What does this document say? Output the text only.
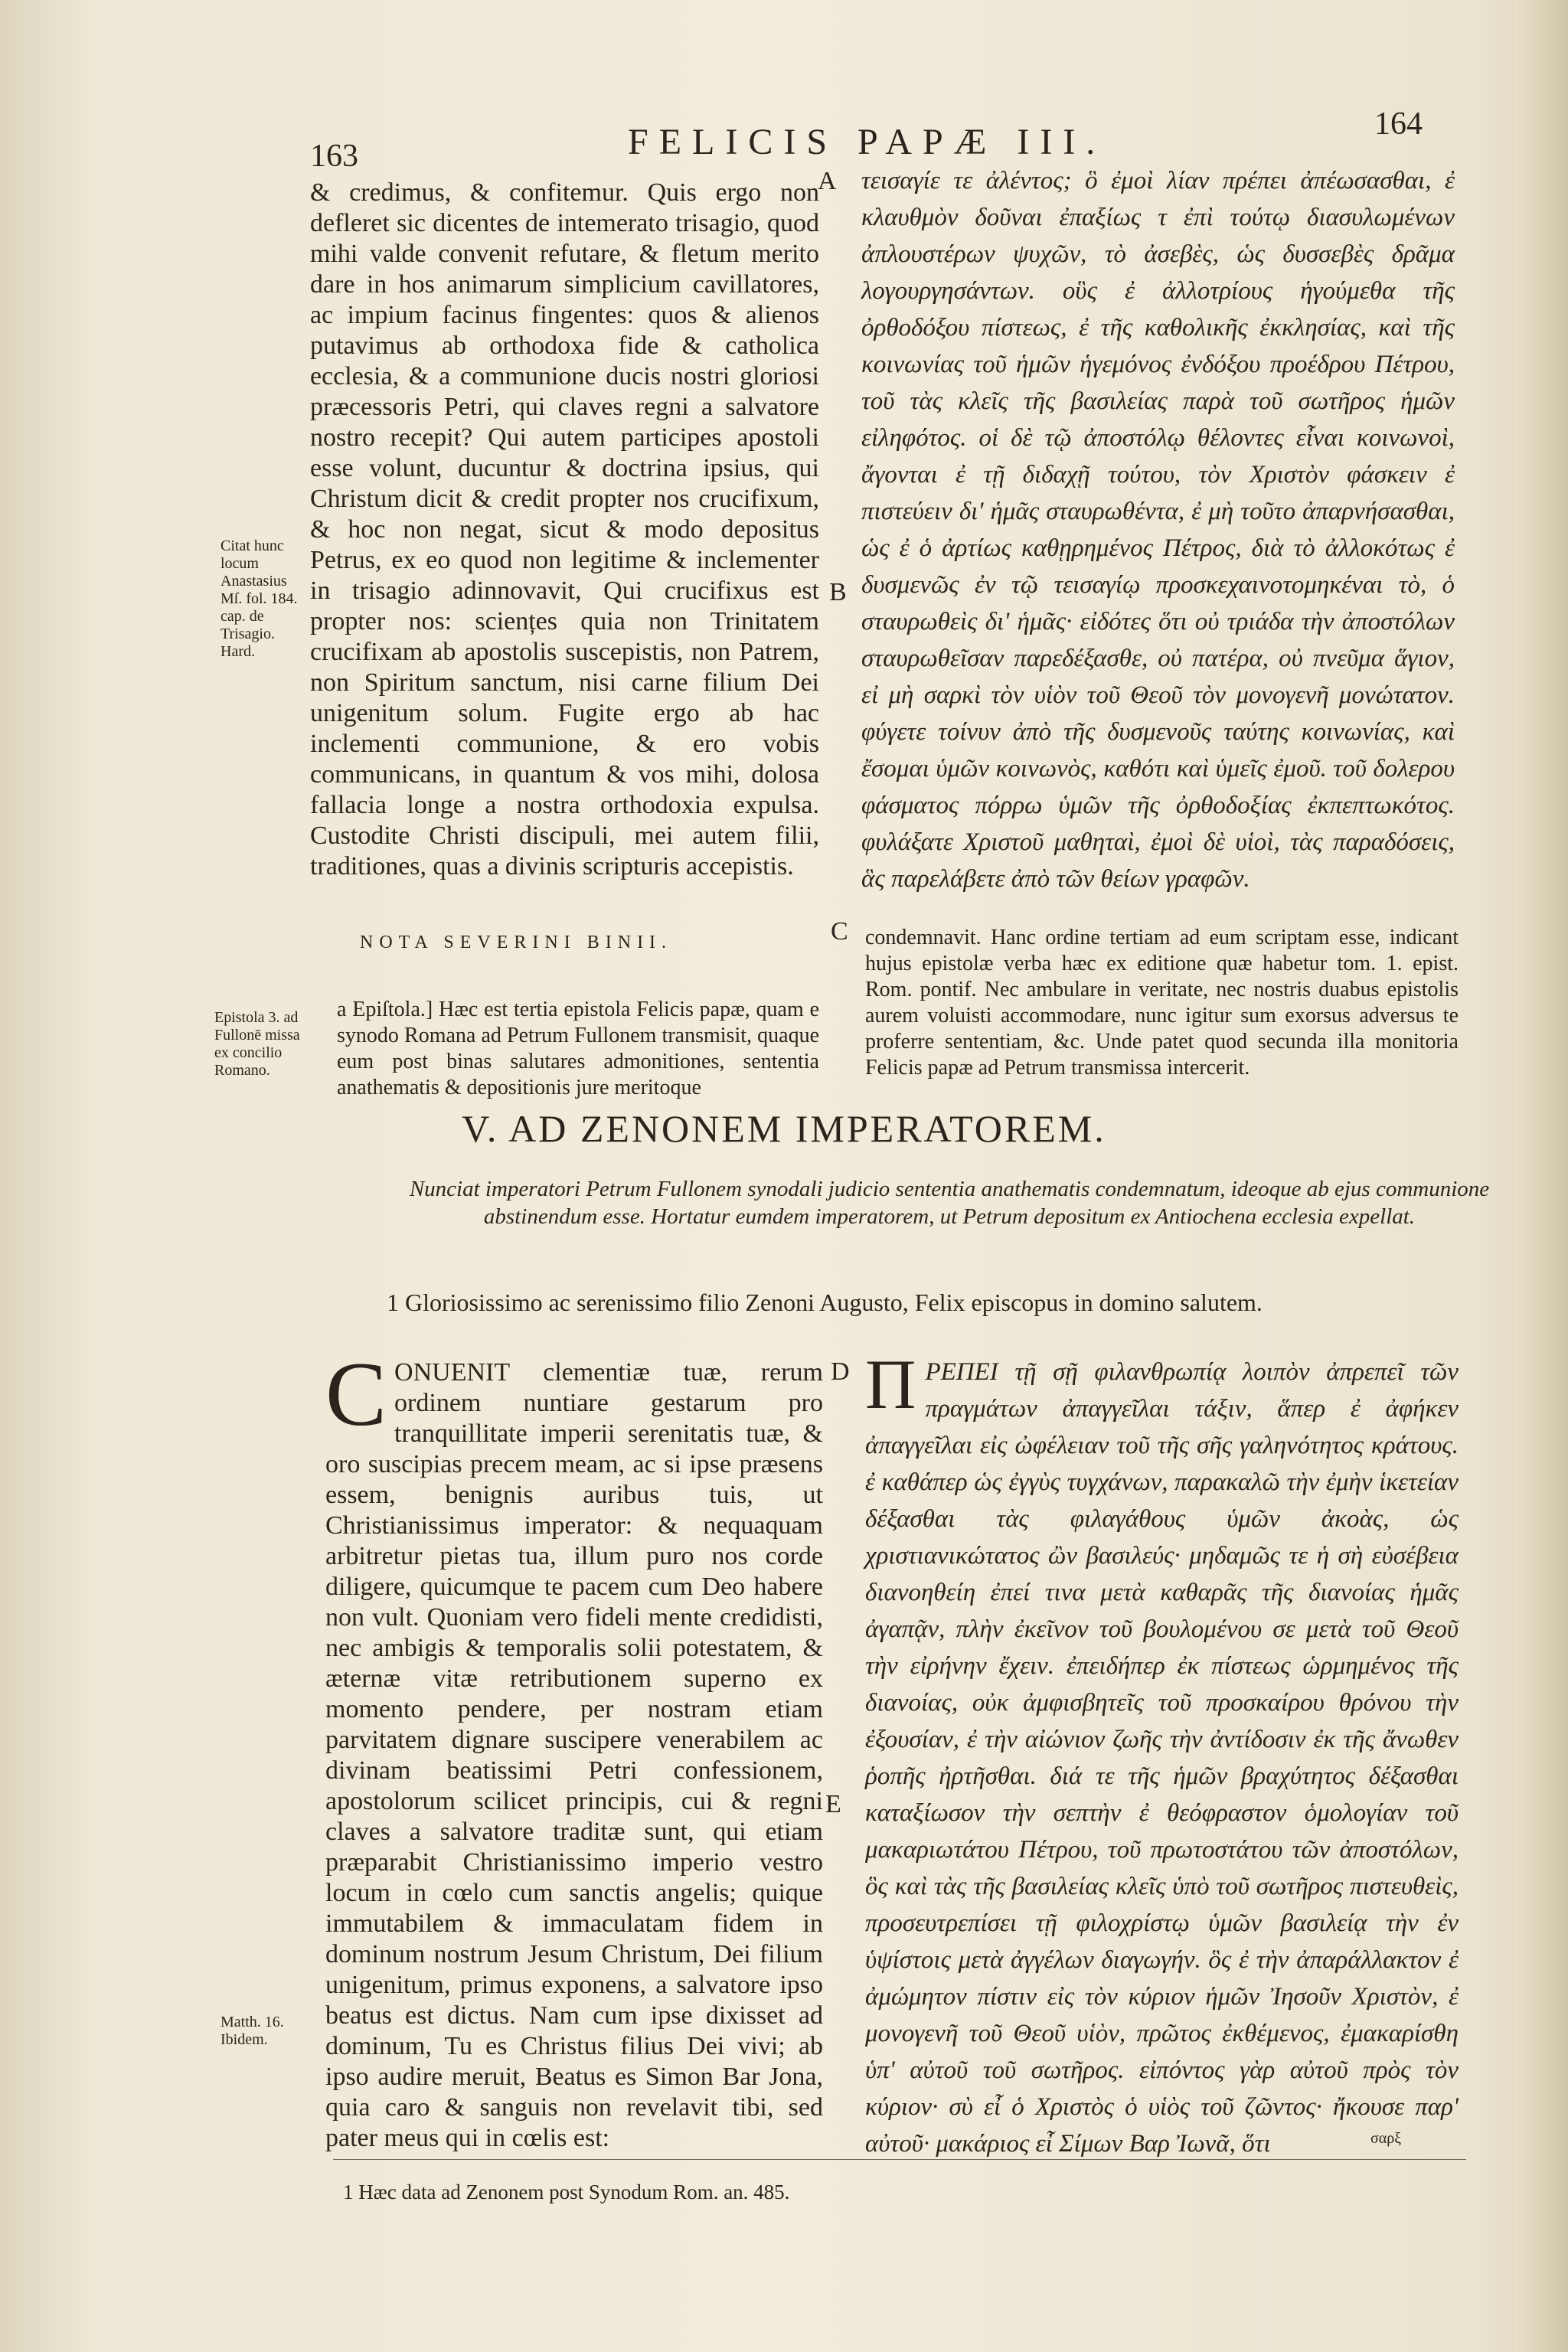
163	FELICIS PAPÆ III.	164

& credimus, & confitemur. Quis ergo non defleret sic dicentes de intemerato trisagio, quod mihi valde convenit refutare, & fletum merito dare in hos animarum simplicium cavillatores, ac impium facinus fingentes: quos & alienos putavimus ab orthodoxa fide & catholica ecclesia, & a communione ducis nostri gloriosi præcessoris Petri, qui claves regni a salvatore nostro recepit? Qui autem participes apostoli esse volunt, ducuntur & doctrina ipsius, qui Christum dicit & credit propter nos crucifixum, & hoc non negat, sicut & modo depositus Petrus, ex eo quod non legitime & inclementer in trisagio adinnovavit, Qui crucifixus est propter nos: sciențes quia non Trinitatem crucifixam ab apostolis suscepistis, non Patrem, non Spiritum sanctum, nisi carne filium Dei unigenitum solum. Fugite ergo ab hac inclementi communione, & ero vobis communicans, in quantum & vos mihi, dolosa fallacia longe a nostra orthodoxia expulsa. Custodite Christi discipuli, mei autem filii, traditiones, quas a divinis scripturis accepistis.

τεισαγίε τε ἀλέντος; ὃ ἐμοὶ λίαν πρέπει ἀπέωσασθαι, ἐ κλαυθμὸν δοῦναι ἐπαξίως τ ἐπὶ τούτῳ διασυλωμένων ἀπλουστέρων ψυχῶν, τὸ ἀσεβὲς, ὡς δυσσεβὲς δρᾶμα λογουργησάντων. οὓς ἐ ἀλλοτρίους ἡγούμεθα τῆς ὀρθοδόξου πίστεως, ἐ τῆς καθολικῆς ἐκκλησίας, καὶ τῆς κοινωνίας τοῦ ἡμῶν ἡγεμόνος ἐνδόξου προέδρου Πέτρου, τοῦ τὰς κλεῖς τῆς βασιλείας παρὰ τοῦ σωτῆρος ἡμῶν εἰληφότος. οἱ δὲ τῷ ἀποστόλῳ θέλοντες εἶναι κοινωνοὶ, ἄγονται ἐ τῇ διδαχῇ τούτου, τὸν Χριστὸν φάσκειν ἐ πιστεύειν δι' ἡμᾶς σταυρωθέντα, ἐ μὴ τοῦτο ἀπαρνήσασθαι, ὡς ἐ ὁ ἀρτίως καθῃρημένος Πέτρος, διὰ τὸ ἀλλοκότως ἐ δυσμενῶς ἐν τῷ τεισαγίῳ προσκεχαινοτομηκέναι τὸ, ὁ σταυρωθεὶς δι' ἡμᾶς· εἰδότες ὅτι οὐ τριάδα τὴν ἀποστόλων σταυρωθεῖσαν παρεδέξασθε, οὐ πατέρα, οὐ πνεῦμα ἅγιον, εἰ μὴ σαρκὶ τὸν υἱὸν τοῦ Θεοῦ τὸν μονογενῆ μονώτατον. φύγετε τοίνυν ἀπὸ τῆς δυσμενοῦς ταύτης κοινωνίας, καὶ ἔσομαι ὑμῶν κοινωνὸς, καθότι καὶ ὑμεῖς ἐμοῦ. τοῦ δολερου φάσματος πόρρω ὑμῶν τῆς ὀρθοδοξίας ἐκπεπτωκότος. φυλάξατε Χριστοῦ μαθηταὶ, ἐμοὶ δὲ υἱοὶ, τὰς παραδόσεις, ἃς παρελάβετε ἀπὸ τῶν θείων γραφῶν.

A
B
C
D
E
Citat hunc locum Anastasius Mſ. fol. 184. cap. de Trisagio. Hard.
NOTA SEVERINI BINII.

a Epiſtola.] Hæc est tertia epistola Felicis papæ, quam e synodo Romana ad Petrum Fullonem transmisit, quaque eum post binas salutares admonitiones, sententia anathematis & depositionis jure meritoque

condemnavit. Hanc ordine tertiam ad eum scriptam esse, indicant hujus epistolæ verba hæc ex editione quæ habetur tom. 1. epist. Rom. pontif. Nec ambulare in veritate, nec nostris duabus epistolis aurem voluisti accommodare, nunc igitur sum exorsus adversus te proferre sententiam, &c. Unde patet quod secunda illa monitoria Felicis papæ ad Petrum transmissa intercerit.

Epistola 3. ad Fullonē missa ex concilio Romano.
V. AD ZENONEM IMPERATOREM.
Nunciat imperatori Petrum Fullonem synodali judicio sententia anathematis condemnatum, ideoque ab ejus communione abstinendum esse. Hortatur eumdem imperatorem, ut Petrum depositum ex Antiochena ecclesia expellat.
1 Gloriosissimo ac serenissimo filio Zenoni Augusto, Felix episcopus in domino salutem.

CONUENIT clementiæ tuæ, rerum ordinem nuntiare gestarum pro tranquillitate imperii serenitatis tuæ, & oro suscipias precem meam, ac si ipse præsens essem, benignis auribus tuis, ut Christianissimus imperator: & nequaquam arbitretur pietas tua, illum puro nos corde diligere, quicumque te pacem cum Deo habere non vult. Quoniam vero fideli mente credidisti, nec ambigis & temporalis solii potestatem, & æternæ vitæ retributionem superno ex momento pendere, per nostram etiam parvitatem dignare suscipere venerabilem ac divinam beatissimi Petri confessionem, apostolorum scilicet principis, cui & regni claves a salvatore traditæ sunt, qui etiam præparabit Christianissimo imperio vestro locum in cœlo cum sanctis angelis; quique immutabilem & immaculatam fidem in dominum nostrum Jesum Christum, Dei filium unigenitum, primus exponens, a salvatore ipso beatus est dictus. Nam cum ipse dixisset ad dominum, Tu es Christus filius Dei vivi; ab ipso audire meruit, Beatus es Simon Bar Jona, quia caro & sanguis non revelavit tibi, sed pater meus qui in cœlis est:

ΠΡΕΠΕΙ τῇ σῇ φιλανθρωπίᾳ λοιπὸν ἀπρεπεῖ τῶν πραγμάτων ἀπαγγεῖλαι τάξιν, ἅπερ ἐ ἀφήκεν ἀπαγγεῖλαι εἰς ὠφέλειαν τοῦ τῆς σῆς γαληνότητος κράτους. ἐ καθάπερ ὡς ἐγγὺς τυγχάνων, παρακαλῶ τὴν ἐμὴν ἱκετείαν δέξασθαι τὰς φιλαγάθους ὑμῶν ἀκοὰς, ὡς χριστιανικώτατος ὢν βασιλεύς· μηδαμῶς τε ἡ σὴ εὐσέβεια διανοηθείη ἐπεί τινα μετὰ καθαρᾶς τῆς διανοίας ἡμᾶς ἀγαπᾷν, πλὴν ἐκεῖνον τοῦ βουλομένου σε μετὰ τοῦ Θεοῦ τὴν εἰρήνην ἔχειν. ἐπειδήπερ ἐκ πίστεως ὡρμημένος τῆς διανοίας, οὐκ ἀμφισβητεῖς τοῦ προσκαίρου θρόνου τὴν ἐξουσίαν, ἐ τὴν αἰώνιον ζωῆς τὴν ἀντίδοσιν ἐκ τῆς ἄνωθεν ῥοπῆς ἠρτῆσθαι. διά τε τῆς ἡμῶν βραχύτητος δέξασθαι καταξίωσον τὴν σεπτὴν ἐ θεόφραστον ὁμολογίαν τοῦ μακαριωτάτου Πέτρου, τοῦ πρωτοστάτου τῶν ἀποστόλων, ὃς καὶ τὰς τῆς βασιλείας κλεῖς ὑπὸ τοῦ σωτῆρος πιστευθεὶς, προσευτρεπίσει τῇ φιλοχρίστῳ ὑμῶν βασιλείᾳ τὴν ἐν ὑψίστοις μετὰ ἀγγέλων διαγωγήν. ὃς ἐ τὴν ἀπαράλλακτον ἐ ἀμώμητον πίστιν εἰς τὸν κύριον ἡμῶν Ἰησοῦν Χριστὸν, ἐ μονογενῆ τοῦ Θεοῦ υἱὸν, πρῶτος ἐκθέμενος, ἐμακαρίσθη ὑπ' αὐτοῦ τοῦ σωτῆρος. εἰπόντος γὰρ αὐτοῦ πρὸς τὸν κύριον· σὺ εἶ ὁ Χριστὸς ὁ υἱὸς τοῦ ζῶντος· ἤκουσε παρ' αὐτοῦ· μακάριος εἶ Σίμων Βαρ Ἰωνᾶ, ὅτι	σαρξ
Matth. 16. Ibidem.
1 Hæc data ad Zenonem post Synodum Rom. an. 485.
